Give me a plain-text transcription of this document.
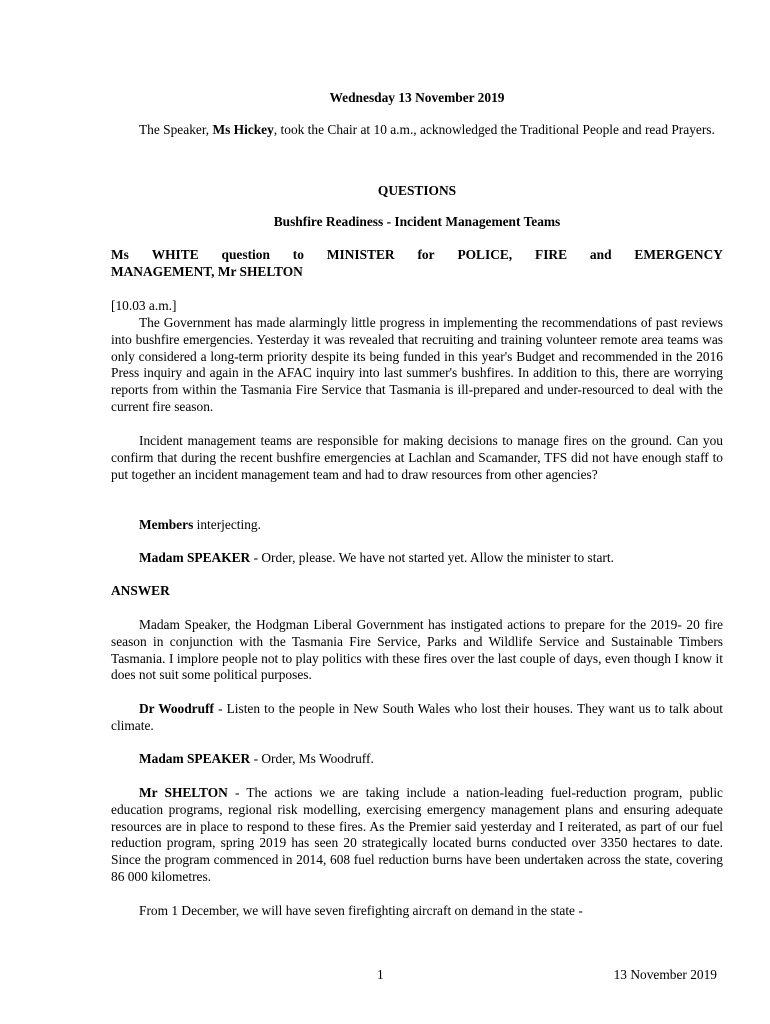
Wednesday 13 November 2019

The Speaker, Ms Hickey, took the Chair at 10 a.m., acknowledged the Traditional People and read Prayers.

QUESTIONS

Bushfire Readiness - Incident Management Teams

Ms WHITE question to MINISTER for POLICE, FIRE and EMERGENCY
MANAGEMENT, Mr SHELTON

[10.03 a.m.]

The Government has made alarmingly little progress in implementing the recommendations of past reviews into bushfire emergencies. Yesterday it was revealed that recruiting and training volunteer remote area teams was only considered a long-term priority despite its being funded in this year's Budget and recommended in the 2016 Press inquiry and again in the AFAC inquiry into last summer's bushfires. In addition to this, there are worrying reports from within the Tasmania Fire Service that Tasmania is ill-prepared and under-resourced to deal with the current fire season.

Incident management teams are responsible for making decisions to manage fires on the ground. Can you confirm that during the recent bushfire emergencies at Lachlan and Scamander, TFS did not have enough staff to put together an incident management team and had to draw resources from other agencies?

Members interjecting.

Madam SPEAKER - Order, please. We have not started yet. Allow the minister to start.

ANSWER

Madam Speaker, the Hodgman Liberal Government has instigated actions to prepare for the 2019- 20 fire season in conjunction with the Tasmania Fire Service, Parks and Wildlife Service and Sustainable Timbers Tasmania. I implore people not to play politics with these fires over the last couple of days, even though I know it does not suit some political purposes.

Dr Woodruff - Listen to the people in New South Wales who lost their houses. They want us to talk about climate.

Madam SPEAKER - Order, Ms Woodruff.

Mr SHELTON - The actions we are taking include a nation-leading fuel-reduction program, public education programs, regional risk modelling, exercising emergency management plans and ensuring adequate resources are in place to respond to these fires. As the Premier said yesterday and I reiterated, as part of our fuel reduction program, spring 2019 has seen 20 strategically located burns conducted over 3350 hectares to date. Since the program commenced in 2014, 608 fuel reduction burns have been undertaken across the state, covering 86 000 kilometres.

From 1 December, we will have seven firefighting aircraft on demand in the state -

1	13 November 2019
